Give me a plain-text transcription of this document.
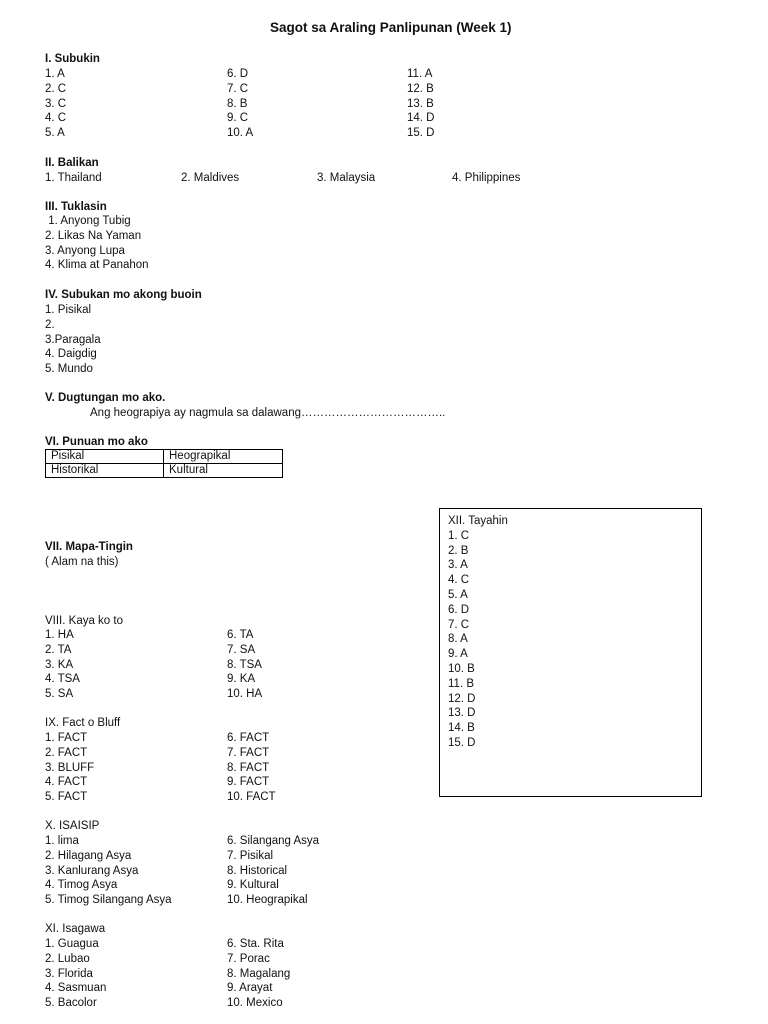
Sagot sa Araling Panlipunan (Week 1)
I. Subukin
1. A
2. C
3. C
4. C
5. A
6. D
7. C
8. B
9. C
10. A
11. A
12. B
13. B
14. D
15. D
II. Balikan
1. Thailand	2. Maldives	3. Malaysia	4. Philippines
III. Tuklasin
1. Anyong Tubig
2. Likas Na Yaman
3. Anyong Lupa
4. Klima at Panahon
IV. Subukan mo akong buoin
1. Pisikal
2.
3.Paragala
4. Daigdig
5. Mundo
V. Dugtungan mo ako.
Ang heograpiya ay nagmula sa dalawang………………………………..
VI. Punuan mo ako
Pisikal	Heograpikal
Historikal	Kultural
VII. Mapa-Tingin
( Alam na this)
VIII. Kaya ko to
1. HA
2. TA
3. KA
4. TSA
5. SA
6. TA
7. SA
8. TSA
9. KA
10. HA
IX. Fact o Bluff
1. FACT
2. FACT
3. BLUFF
4. FACT
5. FACT
6. FACT
7. FACT
8. FACT
9. FACT
10. FACT
X. ISAISIP
1. lima
2. Hilagang Asya
3. Kanlurang Asya
4. Timog Asya
5. Timog Silangang Asya
6. Silangang Asya
7. Pisikal
8. Historical
9. Kultural
10. Heograpikal
XI. Isagawa
1. Guagua
2. Lubao
3. Florida
4. Sasmuan
5. Bacolor
6. Sta. Rita
7. Porac
8. Magalang
9. Arayat
10. Mexico
XII. Tayahin
1. C
2. B
3. A
4. C
5. A
6. D
7. C
8. A
9. A
10. B
11. B
12. D
13. D
14. B
15. D
